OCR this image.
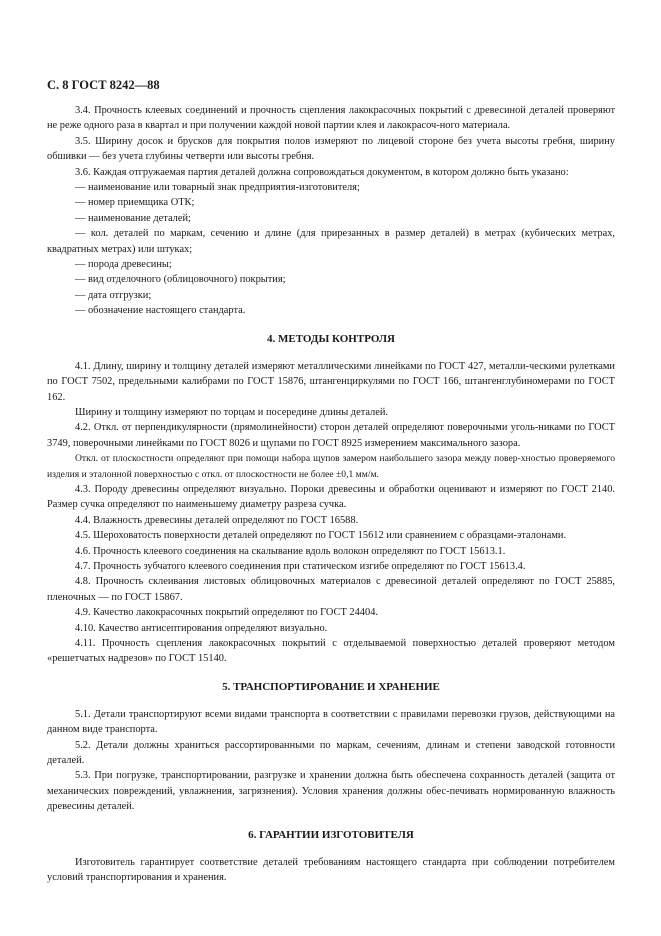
С. 8 ГОСТ 8242—88

3.4. Прочность клеевых соединений и прочность сцепления лакокрасочных покрытий с древесиной деталей проверяют не реже одного раза в квартал и при получении каждой новой партии клея и лакокрасоч-ного материала.

3.5. Ширину досок и брусков для покрытия полов измеряют по лицевой стороне без учета высоты гребня, ширину обшивки — без учета глубины четверти или высоты гребня.

3.6. Каждая отгружаемая партия деталей должна сопровождаться документом, в котором должно быть указано:

— наименование или товарный знак предприятия-изготовителя;

— номер приемщика ОТК;

— наименование деталей;

— кол. деталей по маркам, сечению и длине (для прирезанных в размер деталей) в метрах (кубических метрах, квадратных метрах) или штуках;

— порода древесины;

— вид отделочного (облицовочного) покрытия;

— дата отгрузки;

— обозначение настоящего стандарта.

4. МЕТОДЫ КОНТРОЛЯ

4.1. Длину, ширину и толщину деталей измеряют металлическими линейками по ГОСТ 427, металли-ческими рулетками по ГОСТ 7502, предельными калибрами по ГОСТ 15876, штангенциркулями по ГОСТ 166, штангенглубиномерами по ГОСТ 162.

Ширину и толщину измеряют по торцам и посередине длины деталей.

4.2. Откл. от перпендикулярности (прямолинейности) сторон деталей определяют поверочными уголь-никами по ГОСТ 3749, поверочными линейками по ГОСТ 8026 и щупами по ГОСТ 8925 измерением максимального зазора.

Откл. от плоскостности определяют при помощи набора щупов замером наибольшего зазора между повер-хностью проверяемого изделия и эталонной поверхностью с откл. от плоскостности не более ±0,1 мм/м.

4.3. Породу древесины определяют визуально. Пороки древесины и обработки оценивают и измеряют по ГОСТ 2140. Размер сучка определяют по наименьшему диаметру разреза сучка.

4.4. Влажность древесины деталей определяют по ГОСТ 16588.

4.5. Шероховатость поверхности деталей определяют по ГОСТ 15612 или сравнением с образцами-эталонами.

4.6. Прочность клеевого соединения на скалывание вдоль волокон определяют по ГОСТ 15613.1.

4.7. Прочность зубчатого клеевого соединения при статическом изгибе определяют по ГОСТ 15613.4.

4.8. Прочность склеивания листовых облицовочных материалов с древесиной деталей определяют по ГОСТ 25885, пленочных — по ГОСТ 15867.

4.9. Качество лакокрасочных покрытий определяют по ГОСТ 24404.

4.10. Качество антисептирования определяют визуально.

4.11. Прочность сцепления лакокрасочных покрытий с отделываемой поверхностью деталей проверяют методом «решетчатых надрезов» по ГОСТ 15140.

5. ТРАНСПОРТИРОВАНИЕ И ХРАНЕНИЕ

5.1. Детали транспортируют всеми видами транспорта в соответствии с правилами перевозки грузов, действующими на данном виде транспорта.

5.2. Детали должны храниться рассортированными по маркам, сечениям, длинам и степени заводской готовности деталей.

5.3. При погрузке, транспортировании, разгрузке и хранении должна быть обеспечена сохранность деталей (защита от механических повреждений, увлажнения, загрязнения). Условия хранения должны обес-печивать нормированную влажность древесины деталей.

6. ГАРАНТИИ ИЗГОТОВИТЕЛЯ

Изготовитель гарантирует соответствие деталей требованиям настоящего стандарта при соблюдении потребителем условий транспортирования и хранения.
